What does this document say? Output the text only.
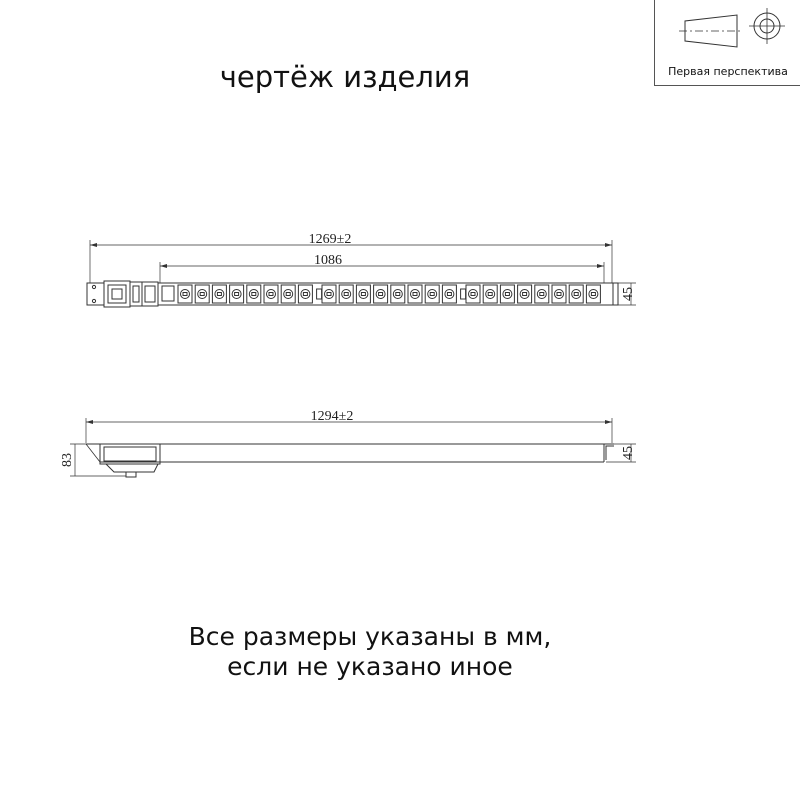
чертёж изделия	Первая перспектива
1269±2
1086
45
1294±2
83	45
Все размеры указаны в мм,
если не указано иное
